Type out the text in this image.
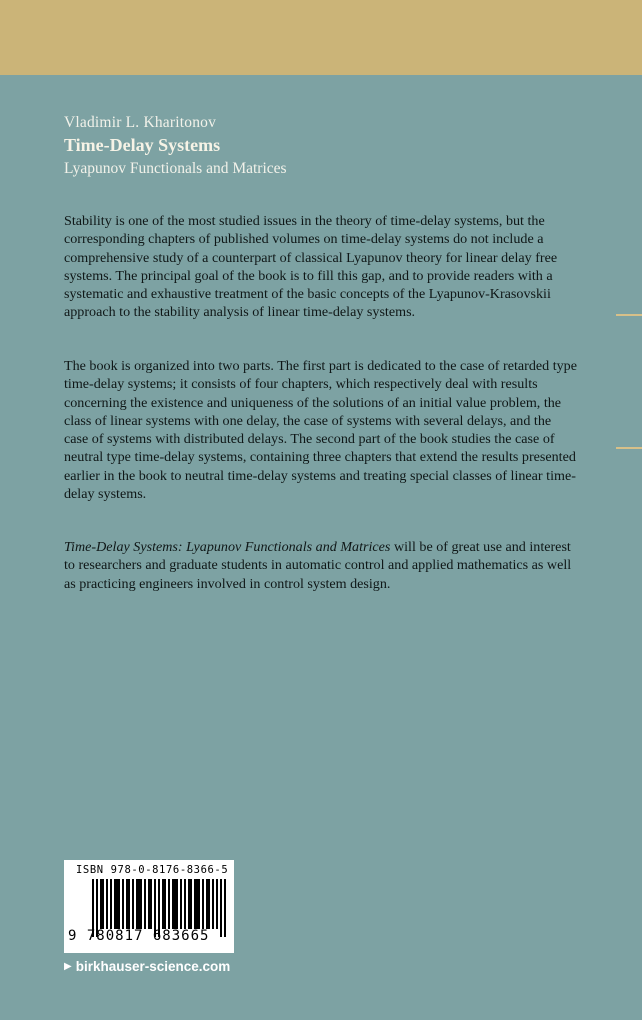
Vladimir L. Kharitonov
Time-Delay Systems
Lyapunov Functionals and Matrices

Stability is one of the most studied issues in the theory of time-delay systems, but the corresponding chapters of published volumes on time-delay systems do not include a comprehensive study of a counterpart of classical Lyapunov theory for linear delay free systems. The principal goal of the book is to fill this gap, and to provide readers with a systematic and exhaustive treatment of the basic concepts of the Lyapunov-Krasovskii approach to the stability analysis of linear time-delay systems.

The book is organized into two parts. The first part is dedicated to the case of retarded type time-delay systems; it consists of four chapters, which respectively deal with results concerning the existence and uniqueness of the solutions of an initial value problem, the class of linear systems with one delay, the case of systems with several delays, and the case of systems with distributed delays. The second part of the book studies the case of neutral type time-delay systems, containing three chapters that extend the results presented earlier in the book to neutral time-delay systems and treating special classes of linear time-delay systems.

Time-Delay Systems: Lyapunov Functionals and Matrices will be of great use and interest to researchers and graduate students in automatic control and applied mathematics as well as practicing engineers involved in control system design.

ISBN 978-0-8176-8366-5
9 780817 683665
▶ birkhauser-science.com
